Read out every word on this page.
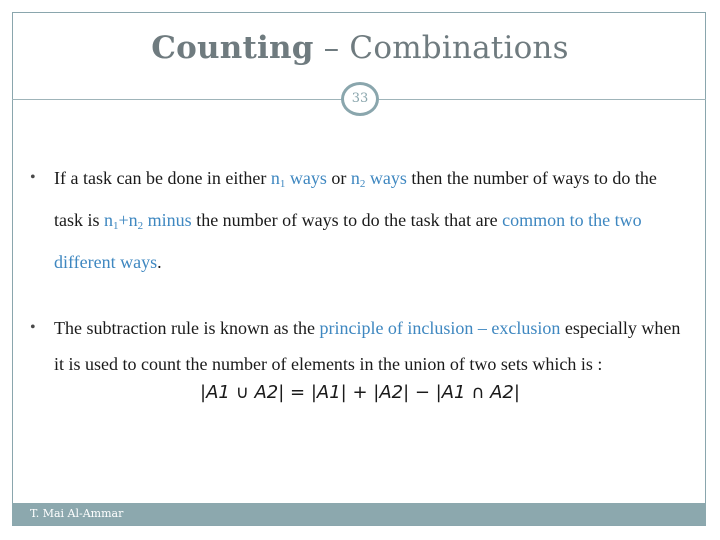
Counting – Combinations
33
• If a task can be done in either $n_1$ ways or $n_2$ ways then the number of ways to do the task is $n_1+n_2$ minus the number of ways to do the task that are common to the two different ways.
• The subtraction rule is known as the principle of inclusion – exclusion especially when it is used to count the number of elements in the union of two sets which is :
|A1 ∪ A2| = |A1| + |A2| − |A1 ∩ A2|
T. Mai Al-Ammar
